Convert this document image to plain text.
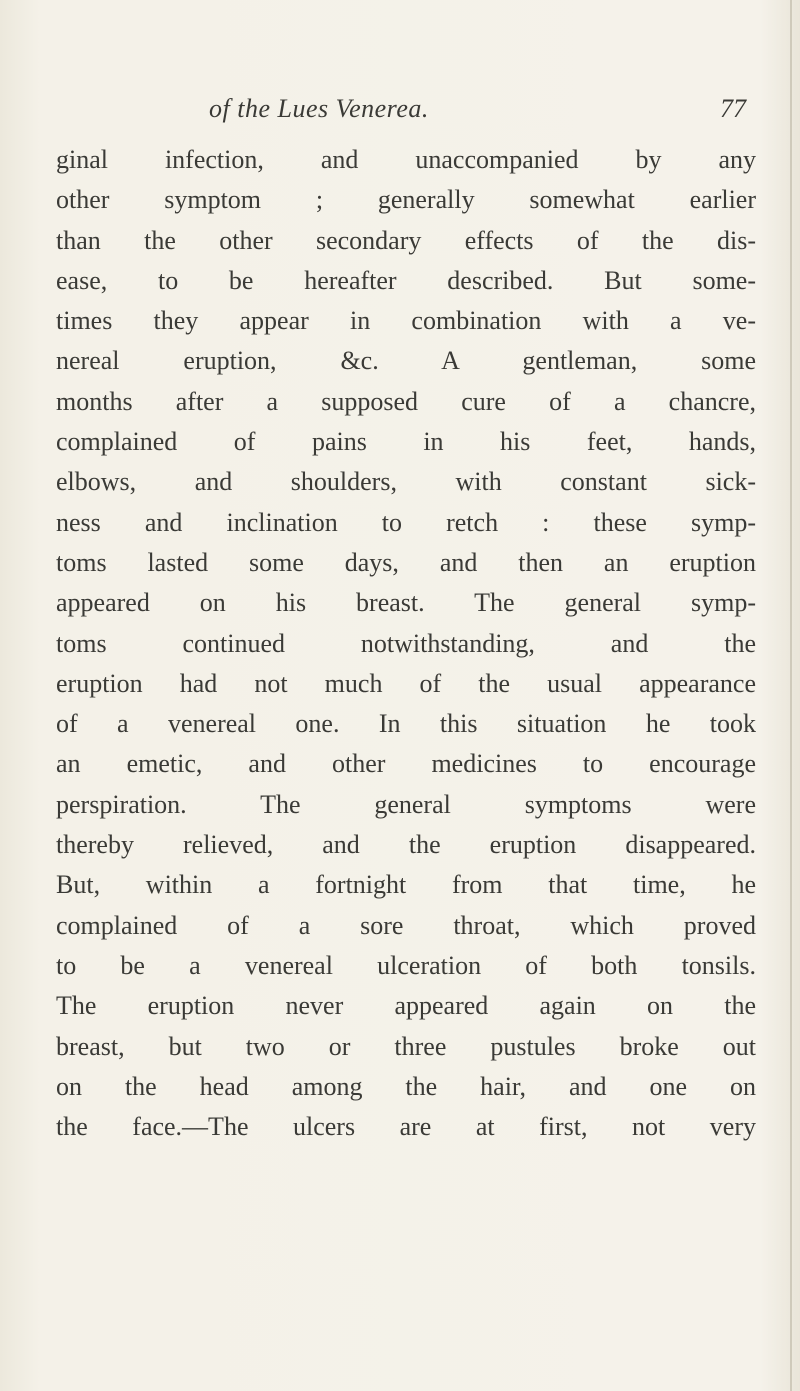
of the Lues Venerea.	77
ginal infection, and unaccompanied by any
other symptom ; generally somewhat earlier
than the other secondary effects of the dis-
ease, to be hereafter described. But some-
times they appear in combination with a ve-
nereal eruption, &c. A gentleman, some
months after a supposed cure of a chancre,
complained of pains in his feet, hands,
elbows, and shoulders, with constant sick-
ness and inclination to retch : these symp-
toms lasted some days, and then an eruption
appeared on his breast. The general symp-
toms continued notwithstanding, and the
eruption had not much of the usual appearance
of a venereal one. In this situation he took
an emetic, and other medicines to encourage
perspiration. The general symptoms were
thereby relieved, and the eruption disappeared.
But, within a fortnight from that time, he
complained of a sore throat, which proved
to be a venereal ulceration of both tonsils.
The eruption never appeared again on the
breast, but two or three pustules broke out
on the head among the hair, and one on
the face.—The ulcers are at first, not very
